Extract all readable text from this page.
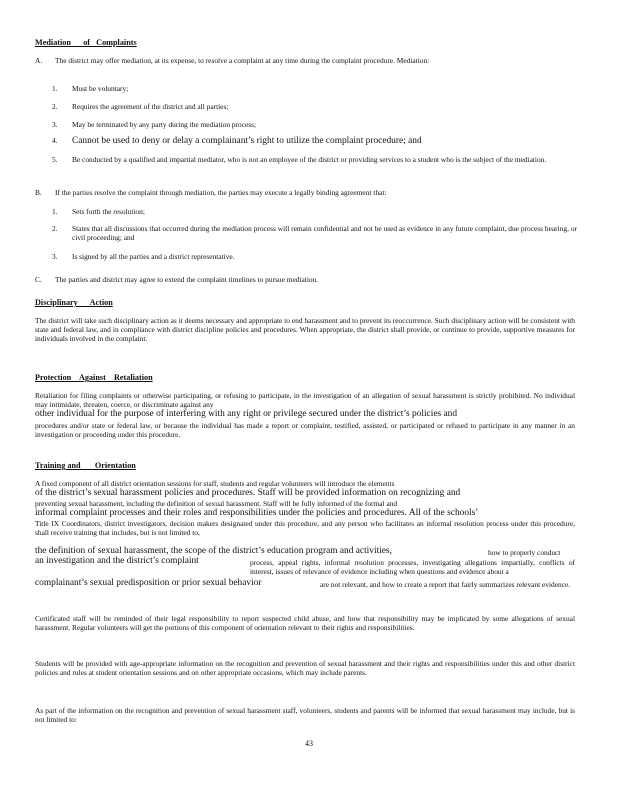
Mediation      of   Complaints
A. The district may offer mediation, at its expense, to resolve a complaint at any time during the complaint procedure. Mediation:
1. Must be voluntary;
2. Requires the agreement of the district and all parties;
3. May be terminated by any party during the mediation process;
4. Cannot be used to deny or delay a complainant’s right to utilize the complaint procedure; and
5. Be conducted by a qualified and impartial mediator, who is not an employee of the district or providing services to a student who is the subject of the mediation.
B. If the parties resolve the complaint through mediation, the parties may execute a legally binding agreement that:
1. Sets forth the resolution;
2. States that all discussions that occurred during the mediation process will remain confidential and not be used as evidence in any future complaint, due process hearing, or civil proceeding; and
3. Is signed by all the parties and a district representative.
C. The parties and district may agree to extend the complaint timelines to pursue mediation.
Disciplinary      Action
The district will take such disciplinary action as it deems necessary and appropriate to end harassment and to prevent its reoccurrence. Such disciplinary action will be consistent with state and federal law, and in compliance with district discipline policies and procedures. When appropriate, the district shall provide, or continue to provide, supportive measures for individuals involved in the complaint.
Protection    Against    Retaliation
Retaliation for filing complaints or otherwise participating, or refusing to participate, in the investigation of an allegation of sexual harassment is strictly prohibited. No individual may intimidate, threaten, coerce, or discriminate against any
other individual for the purpose of interfering with any right or privilege secured under the district’s policies and
procedures and/or state or federal law, or because the individual has made a report or complaint, testified, assisted, or participated or refused to participate in any manner in an investigation or proceeding under this procedure.
Training and       Orientation
A fixed component of all district orientation sessions for staff, students and regular volunteers will introduce the elements
of the district’s sexual harassment policies and procedures. Staff will be provided information on recognizing and
preventing sexual harassment, including the definition of sexual harassment. Staff will be fully informed of the formal and
informal complaint processes and their roles and responsibilities under the policies and procedures. All of the schools’
Title IX Coordinators, district investigators, decision makers designated under this procedure, and any person who facilitates an informal resolution process under this procedure, shall receive training that includes, but is not limited to,
the definition of sexual harassment, the scope of the district’s education program and activities,	how to properly conduct
an investigation and the district’s complaint	process, appeal rights, informal resolution processes, investigating allegations impartially, conflicts of interest, issues of relevance of evidence including when questions and evidence about a
complainant’s sexual predisposition or prior sexual behavior	are not relevant, and how to create a report that fairly summarizes relevant evidence.
Certificated staff will be reminded of their legal responsibility to report suspected child abuse, and how that responsibility may be implicated by some allegations of sexual harassment. Regular volunteers will get the portions of this component of orientation relevant to their rights and responsibilities.
Students will be provided with age-appropriate information on the recognition and prevention of sexual harassment and their rights and responsibilities under this and other district policies and rules at student orientation sessions and on other appropriate occasions, which may include parents.
As part of the information on the recognition and prevention of sexual harassment staff, volunteers, students and parents will be informed that sexual harassment may include, but is not limited to:
43
